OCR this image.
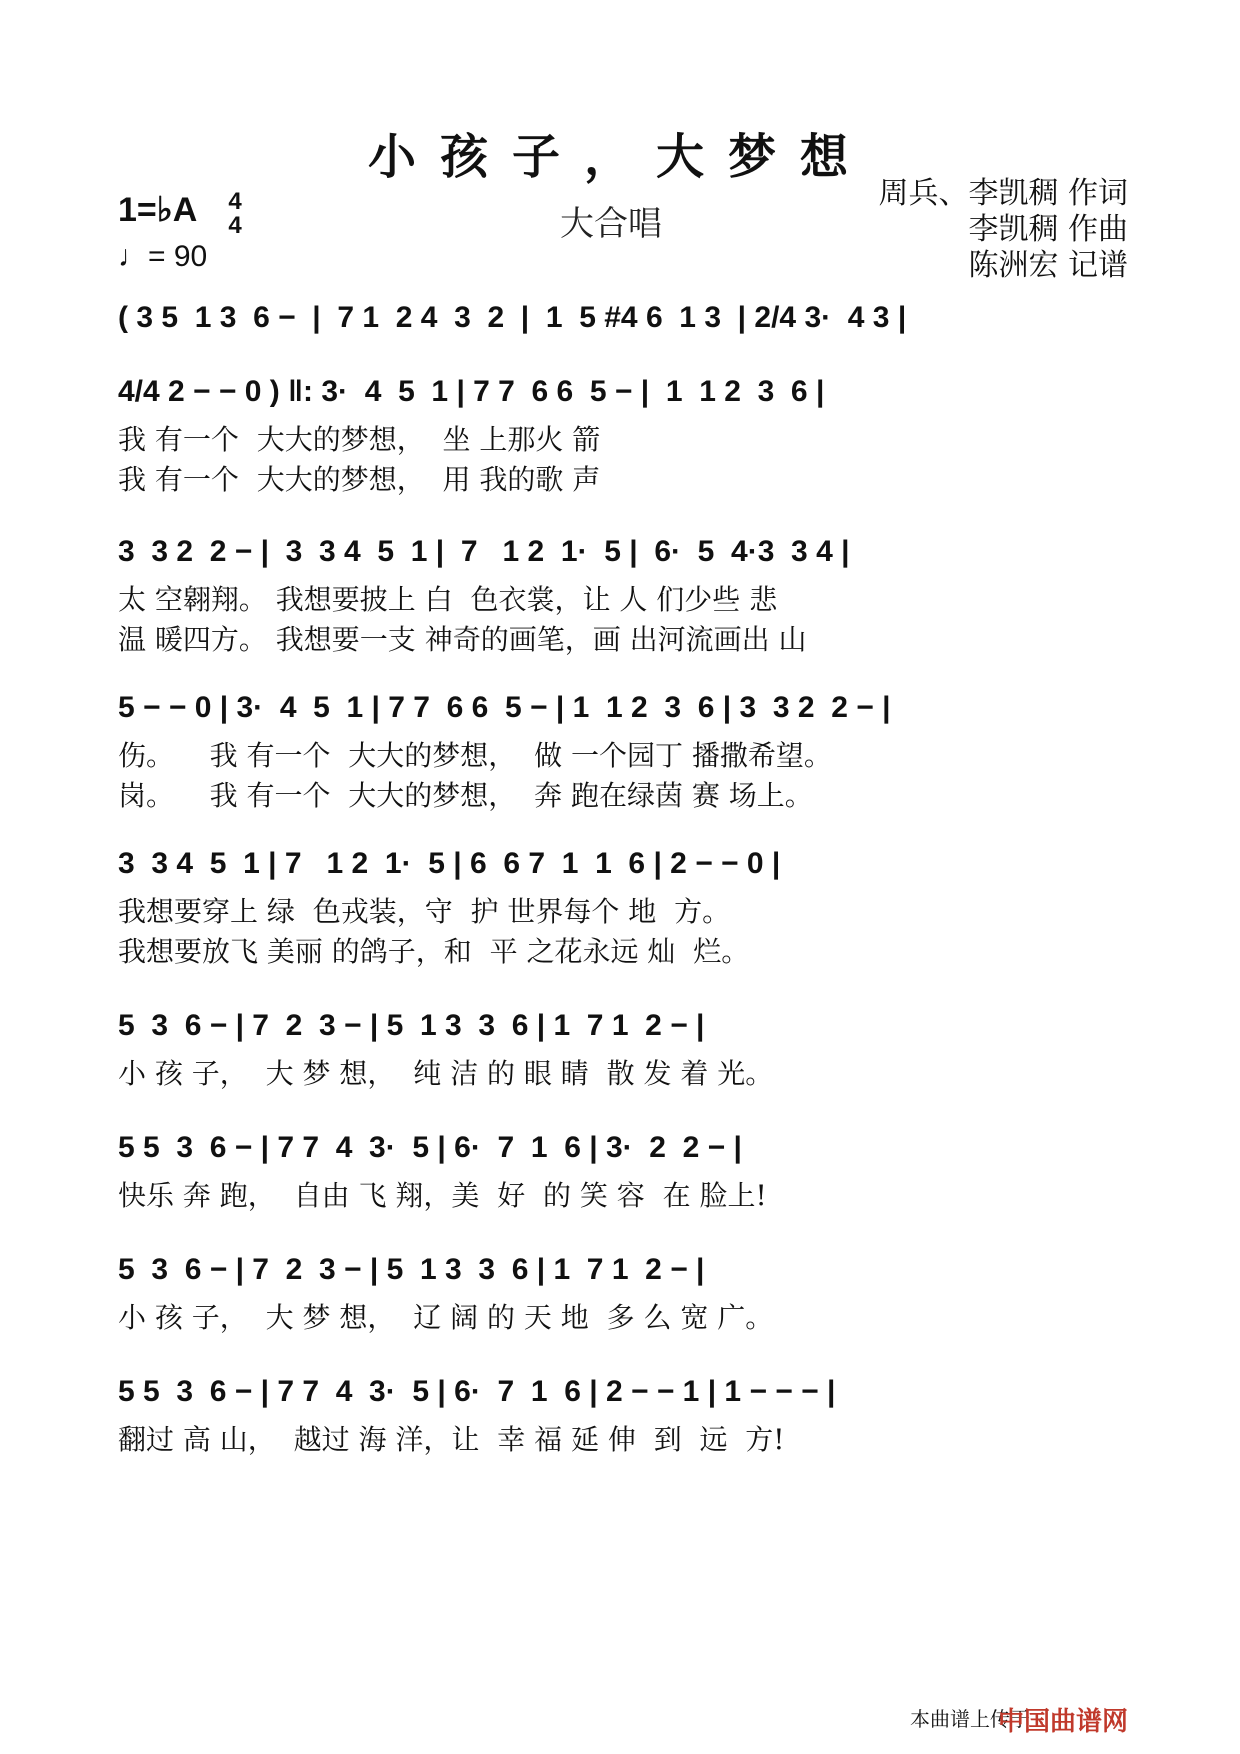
小孩子，大梦想
1=♭A 4
4
♩= 90
大合唱
周兵、李凯稠 作词
李凯稠 作曲
陈洲宏 记谱
( 3 5  1 3  6 −  |  7 1  2 4  3  2  |  1  5 #4 6  1 3  | 2/4 3·  4 3 |
4/4 2 − − 0 ) ‖: 3·  4  5  1 | 7 7  6 6  5 − |  1  1 2  3  6 |
我 有一个  大大的梦想，  坐 上那火 箭
我 有一个  大大的梦想，  用 我的歌 声
3  3 2  2 − |  3  3 4  5  1 |  7   1 2  1·  5 |  6·  5  4·3  3 4 |
太 空翱翔。 我想要披上 白  色衣裳，让 人 们少些 悲
温 暖四方。 我想要一支 神奇的画笔，画 出河流画出 山
5 − − 0 | 3·  4  5  1 | 7 7  6 6  5 − | 1  1 2  3  6 | 3  3 2  2 − |
伤。    我 有一个  大大的梦想，  做 一个园丁 播撒希望。
岗。    我 有一个  大大的梦想，  奔 跑在绿茵 赛 场上。
3  3 4  5  1 | 7   1 2  1·  5 | 6  6 7  1  1  6 | 2 − − 0 |
我想要穿上 绿  色戎装，守  护 世界每个 地  方。
我想要放飞 美丽 的鸽子，和  平 之花永远 灿  烂。
5  3  6 − | 7  2  3 − | 5  1 3  3  6 | 1  7 1  2 − |
小 孩 子，  大 梦 想，  纯 洁 的 眼 睛  散 发 着 光。
5 5  3  6 − | 7 7  4  3·  5 | 6·  7  1  6 | 3·  2  2 − |
快乐 奔 跑，  自由 飞 翔，美  好  的 笑 容  在 脸上!
5  3  6 − | 7  2  3 − | 5  1 3  3  6 | 1  7 1  2 − |
小 孩 子，  大 梦 想，  辽 阔 的 天 地  多 么 宽 广。
5 5  3  6 − | 7 7  4  3·  5 | 6·  7  1  6 | 2 − − 1 | 1 − − − |
翻过 高 山，  越过 海 洋，让  幸 福 延 伸  到  远  方!
本曲谱上传于
中国曲谱网
